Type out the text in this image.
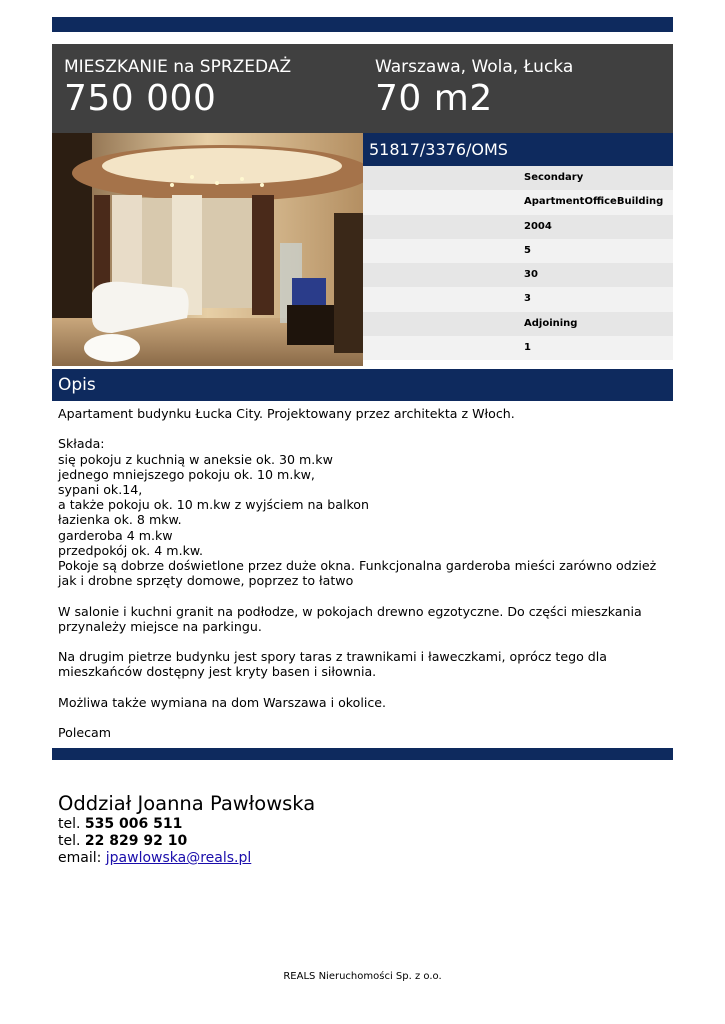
MIESZKANIE na SPRZEDAŻ
750 000
Warszawa, Wola, Łucka
70 m2
51817/3376/OMS
Secondary
ApartmentOfficeBuilding
2004
5
30
3
Adjoining
1
Opis

Apartament budynku Łucka City. Projektowany przez architekta z Włoch.

Składa:
się pokoju z kuchnią w aneksie ok. 30 m.kw
jednego mniejszego pokoju ok. 10 m.kw,
sypani ok.14,
a także pokoju ok. 10 m.kw z wyjściem na balkon
łazienka ok. 8 mkw.
garderoba 4 m.kw
przedpokój ok. 4 m.kw.
Pokoje są dobrze doświetlone przez duże okna. Funkcjonalna garderoba mieści zarówno odzież jak i drobne sprzęty domowe, poprzez to łatwo

W salonie i kuchni granit na podłodze, w pokojach drewno egzotyczne. Do części mieszkania przynależy miejsce na parkingu.

Na drugim pietrze budynku jest spory taras z trawnikami i ławeczkami, oprócz tego dla mieszkańców dostępny jest kryty basen i siłownia.

Możliwa także wymiana na dom Warszawa i okolice.

Polecam

Oddział Joanna Pawłowska
tel. 535 006 511
tel. 22 829 92 10
email: jpawlowska@reals.pl
REALS Nieruchomości Sp. z o.o.
